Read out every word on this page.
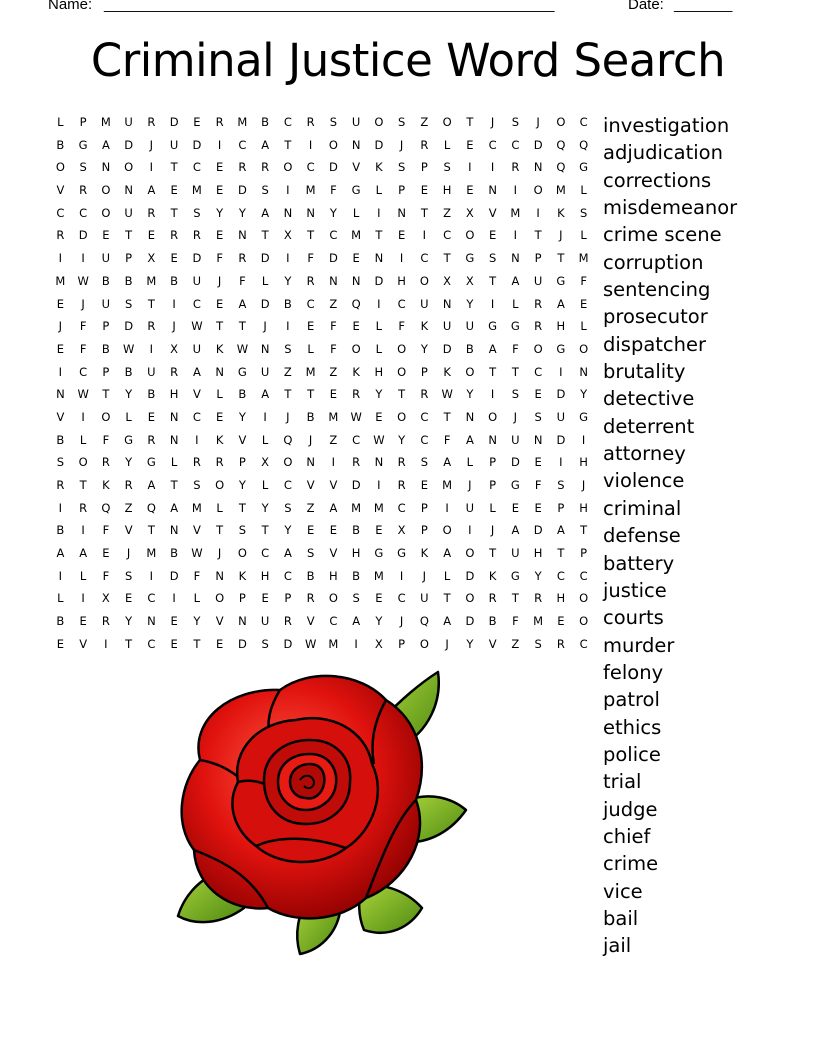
Name: ______________________________________________________	Date: _______
Criminal Justice Word Search
L	P	M	U	R	D	E	R	M	B	C	R	S	U	O	S	Z	O	T	J	S	J	O	C
B	G	A	D	J	U	D	I	C	A	T	I	O	N	D	J	R	L	E	C	C	D	Q	Q
O	S	N	O	I	T	C	E	R	R	O	C	D	V	K	S	P	S	I	I	R	N	Q	G
V	R	O	N	A	E	M	E	D	S	I	M	F	G	L	P	E	H	E	N	I	O	M	L
C	C	O	U	R	T	S	Y	Y	A	N	N	Y	L	I	N	T	Z	X	V	M	I	K	S
R	D	E	T	E	R	R	E	N	T	X	T	C	M	T	E	I	C	O	E	I	T	J	L
I	I	U	P	X	E	D	F	R	D	I	F	D	E	N	I	C	T	G	S	N	P	T	M
M	W	B	B	M	B	U	J	F	L	Y	R	N	N	D	H	O	X	X	T	A	U	G	F
E	J	U	S	T	I	C	E	A	D	B	C	Z	Q	I	C	U	N	Y	I	L	R	A	E
J	F	P	D	R	J	W	T	T	J	I	E	F	E	L	F	K	U	U	G	G	R	H	L
E	F	B	W	I	X	U	K	W	N	S	L	F	O	L	O	Y	D	B	A	F	O	G	O
I	C	P	B	U	R	A	N	G	U	Z	M	Z	K	H	O	P	K	O	T	T	C	I	N
N	W	T	Y	B	H	V	L	B	A	T	T	E	R	Y	T	R	W	Y	I	S	E	D	Y
V	I	O	L	E	N	C	E	Y	I	J	B	M	W	E	O	C	T	N	O	J	S	U	G
B	L	F	G	R	N	I	K	V	L	Q	J	Z	C	W	Y	C	F	A	N	U	N	D	I
S	O	R	Y	G	L	R	R	P	X	O	N	I	R	N	R	S	A	L	P	D	E	I	H
R	T	K	R	A	T	S	O	Y	L	C	V	V	D	I	R	E	M	J	P	G	F	S	J
I	R	Q	Z	Q	A	M	L	T	Y	S	Z	A	M	M	C	P	I	U	L	E	E	P	H
B	I	F	V	T	N	V	T	S	T	Y	E	E	B	E	X	P	O	I	J	A	D	A	T
A	A	E	J	M	B	W	J	O	C	A	S	V	H	G	G	K	A	O	T	U	H	T	P
I	L	F	S	I	D	F	N	K	H	C	B	H	B	M	I	J	L	D	K	G	Y	C	C
L	I	X	E	C	I	L	O	P	E	P	R	O	S	E	C	U	T	O	R	T	R	H	O
B	E	R	Y	N	E	Y	V	N	U	R	V	C	A	Y	J	Q	A	D	B	F	M	E	O
E	V	I	T	C	E	T	E	D	S	D	W	M	I	X	P	O	J	Y	V	Z	S	R	C
investigation
adjudication
corrections
misdemeanor
crime scene
corruption
sentencing
prosecutor
dispatcher
brutality
detective
deterrent
attorney
violence
criminal
defense
battery
justice
courts
murder
felony
patrol
ethics
police
trial
judge
chief
crime
vice
bail
jail
